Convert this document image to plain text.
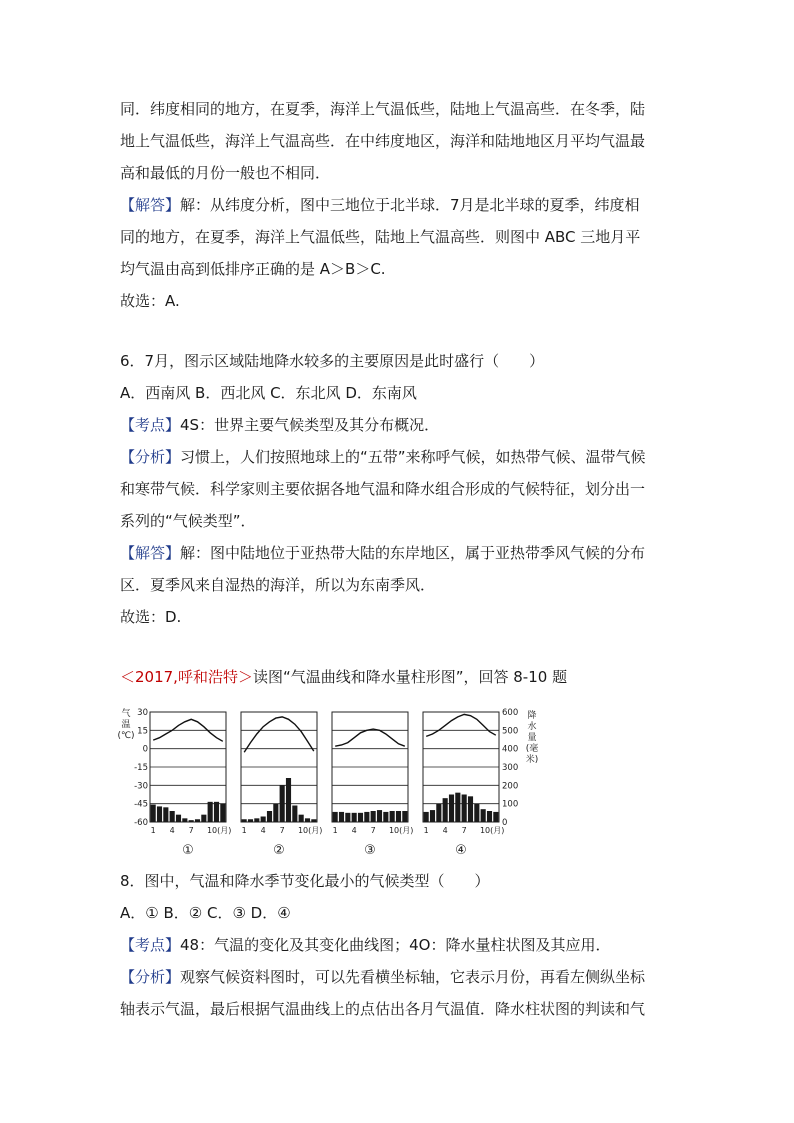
同．纬度相同的地方，在夏季，海洋上气温低些，陆地上气温高些．在冬季，陆
地上气温低些，海洋上气温高些．在中纬度地区，海洋和陆地地区月平均气温最
高和最低的月份一般也不相同．
【解答】解：从纬度分析，图中三地位于北半球．7月是北半球的夏季，纬度相
同的地方，在夏季，海洋上气温低些，陆地上气温高些．则图中 ABC 三地月平
均气温由高到低排序正确的是 A＞B＞C.
故选：A.
6．7月，图示区域陆地降水较多的主要原因是此时盛行（　　）
A．西南风 B．西北风 C．东北风 D．东南风
【考点】4S：世界主要气候类型及其分布概况．
【分析】习惯上，人们按照地球上的“五带”来称呼气候，如热带气候、温带气候
和寒带气候．科学家则主要依据各地气温和降水组合形成的气候特征，划分出一
系列的“气候类型”．
【解答】解：图中陆地位于亚热带大陆的东岸地区，属于亚热带季风气候的分布
区．夏季风来自湿热的海洋，所以为东南季风．
故选：D.
＜2017,呼和浩特＞读图“气温曲线和降水量柱形图”，回答 8-10 题
气
温
(℃)
30
15
0
-15
-30
-45
-60
1 4 7 10(月)
①
1 4 7 10(月)
②
1 4 7 10(月)
③
1 4 7 10(月)
④
600
500
400
300
200
100
0
降
水
量
(毫
米)
8．图中，气温和降水季节变化最小的气候类型（　　）
A．① B．② C．③ D．④
【考点】48：气温的变化及其变化曲线图；4O：降水量柱状图及其应用．
【分析】观察气候资料图时，可以先看横坐标轴，它表示月份，再看左侧纵坐标
轴表示气温，最后根据气温曲线上的点估出各月气温值．降水柱状图的判读和气
